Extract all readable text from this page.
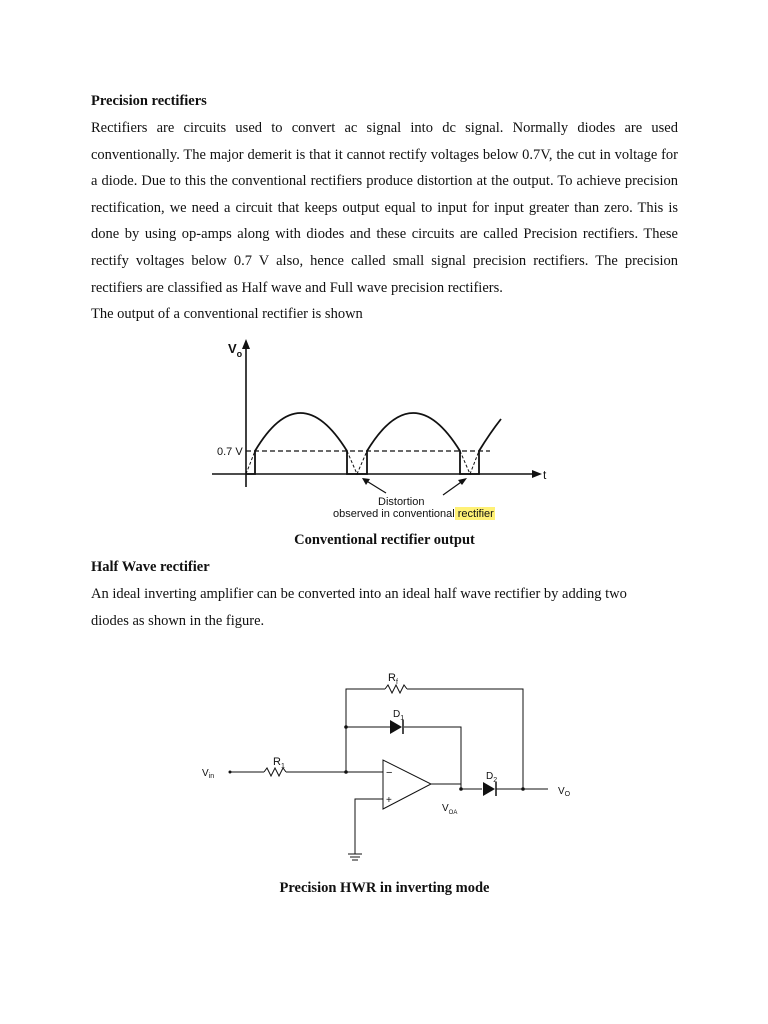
Precision rectifiers

Rectifiers are circuits used to convert ac signal into dc signal. Normally diodes are used conventionally. The major demerit is that it cannot rectify voltages below 0.7V, the cut in voltage for a diode. Due to this the conventional rectifiers produce distortion at the output. To achieve precision rectification, we need a circuit that keeps output equal to input for input greater than zero. This is done by using op-amps along with diodes and these circuits are called Precision rectifiers. These rectify voltages below 0.7 V also, hence called small signal precision rectifiers. The precision rectifiers are classified as Half wave and Full wave precision rectifiers.
The output of a conventional rectifier is shown

$V_o$
t
0.7 V
Distortion
observed in conventional rectifier

Conventional rectifier output

Half Wave rectifier

An ideal inverting amplifier can be converted into an ideal half wave rectifier by adding two
diodes as shown in the figure.

$R_f$
$D_1$
$R_1$
$D_2$
$V_{in}$
$V_{OA}$
$V_O$
−
+

Precision HWR in inverting mode
